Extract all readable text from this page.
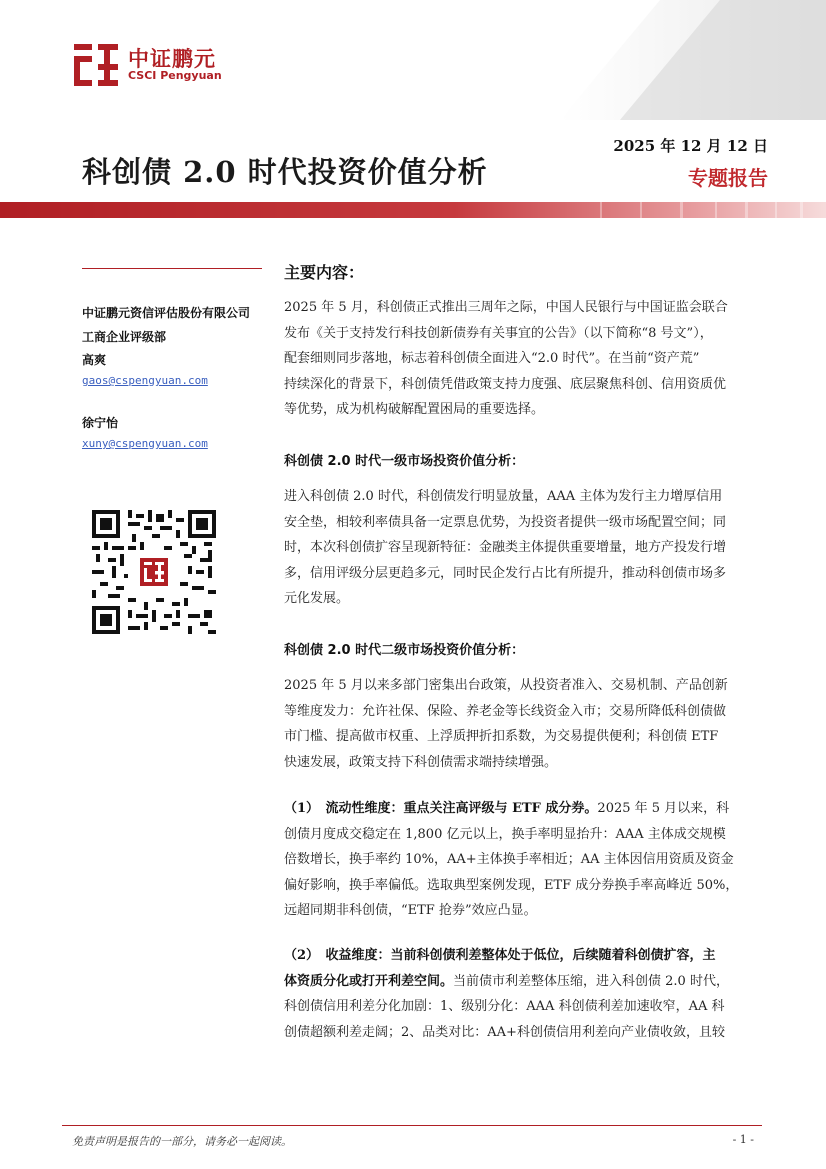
中证鹏元
CSCI Pengyuan
2025 年 12 月 12 日
专题报告
科创债 2.0 时代投资价值分析
中证鹏元资信评估股份有限公司
工商企业评级部
高爽
gaos@cspengyuan.com
徐宁怡
xuny@cspengyuan.com
主要内容：
2025 年 5 月，科创债正式推出三周年之际，中国人民银行与中国证监会联合
发布《关于支持发行科技创新债券有关事宜的公告》（以下简称“8 号文”），
配套细则同步落地，标志着科创债全面进入“2.0 时代”。在当前“资产荒”
持续深化的背景下，科创债凭借政策支持力度强、底层聚焦科创、信用资质优
等优势，成为机构破解配置困局的重要选择。
科创债 2.0 时代一级市场投资价值分析：
进入科创债 2.0 时代，科创债发行明显放量，AAA 主体为发行主力增厚信用
安全垫，相较利率债具备一定票息优势，为投资者提供一级市场配置空间；同
时，本次科创债扩容呈现新特征：金融类主体提供重要增量，地方产投发行增
多，信用评级分层更趋多元，同时民企发行占比有所提升，推动科创债市场多
元化发展。
科创债 2.0 时代二级市场投资价值分析：
2025 年 5 月以来多部门密集出台政策，从投资者准入、交易机制、产品创新
等维度发力：允许社保、保险、养老金等长线资金入市；交易所降低科创债做
市门槛、提高做市权重、上浮质押折扣系数，为交易提供便利；科创债 ETF
快速发展，政策支持下科创债需求端持续增强。
（1）　流动性维度：重点关注高评级与 ETF 成分券。2025 年 5 月以来，科
创债月度成交稳定在 1,800 亿元以上，换手率明显抬升：AAA 主体成交规模
倍数增长，换手率约 10%，AA+主体换手率相近；AA 主体因信用资质及资金
偏好影响，换手率偏低。选取典型案例发现，ETF 成分券换手率高峰近 50%，
远超同期非科创债，“ETF 抢券”效应凸显。
（2）　收益维度：当前科创债利差整体处于低位，后续随着科创债扩容，主
体资质分化或打开利差空间。当前债市利差整体压缩，进入科创债 2.0 时代，
科创债信用利差分化加剧：1、级别分化：AAA 科创债利差加速收窄，AA 科
创债超额利差走阔；2、品类对比：AA+科创债信用利差向产业债收敛，且较
免责声明是报告的一部分，请务必一起阅读。	- 1 -
